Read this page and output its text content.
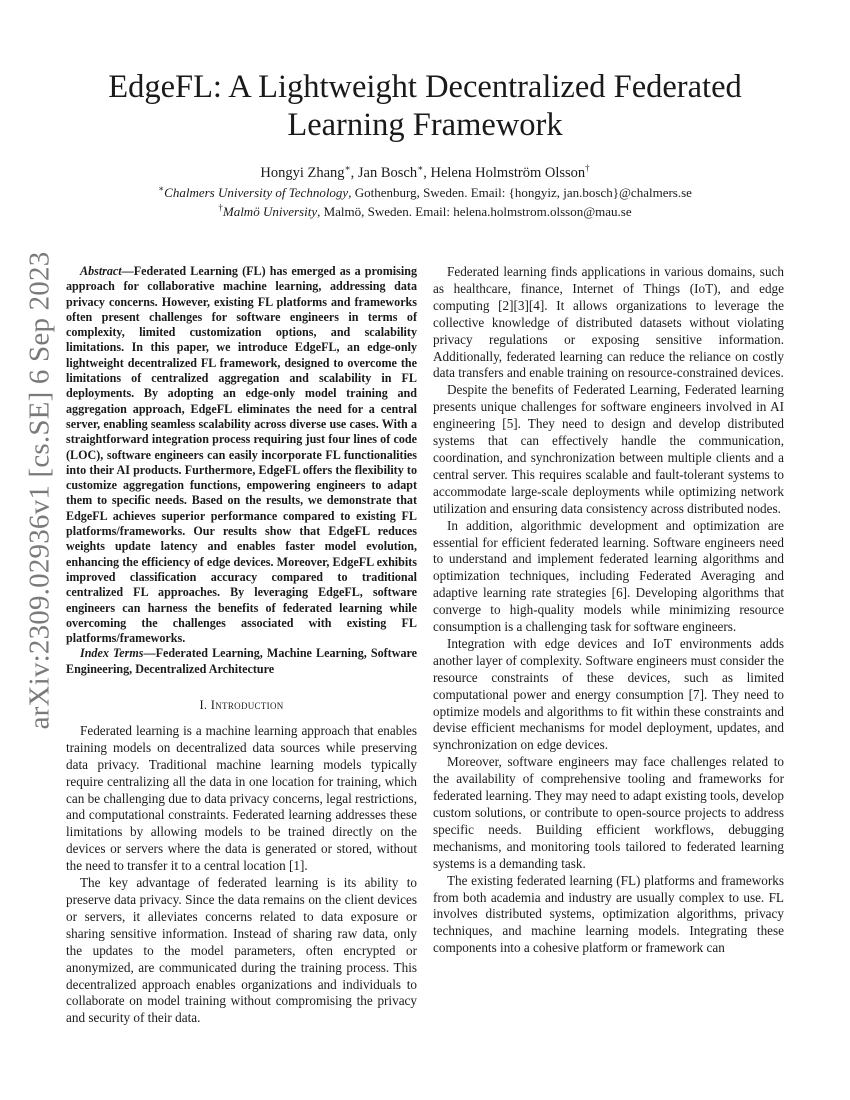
arXiv:2309.02936v1 [cs.SE] 6 Sep 2023
EdgeFL: A Lightweight Decentralized Federated
Learning Framework
Hongyi Zhang∗, Jan Bosch∗, Helena Holmström Olsson†
∗Chalmers University of Technology, Gothenburg, Sweden. Email: {hongyiz, jan.bosch}@chalmers.se
†Malmö University, Malmö, Sweden. Email: helena.holmstrom.olsson@mau.se

Abstract—Federated Learning (FL) has emerged as a promising approach for collaborative machine learning, addressing data privacy concerns. However, existing FL platforms and frameworks often present challenges for software engineers in terms of complexity, limited customization options, and scalability limitations. In this paper, we introduce EdgeFL, an edge-only lightweight decentralized FL framework, designed to overcome the limitations of centralized aggregation and scalability in FL deployments. By adopting an edge-only model training and aggregation approach, EdgeFL eliminates the need for a central server, enabling seamless scalability across diverse use cases. With a straightforward integration process requiring just four lines of code (LOC), software engineers can easily incorporate FL functionalities into their AI products. Furthermore, EdgeFL offers the flexibility to customize aggregation functions, empowering engineers to adapt them to specific needs. Based on the results, we demonstrate that EdgeFL achieves superior performance compared to existing FL platforms/frameworks. Our results show that EdgeFL reduces weights update latency and enables faster model evolution, enhancing the efficiency of edge devices. Moreover, EdgeFL exhibits improved classification accuracy compared to traditional centralized FL approaches. By leveraging EdgeFL, software engineers can harness the benefits of federated learning while overcoming the challenges associated with existing FL platforms/frameworks.

Index Terms—Federated Learning, Machine Learning, Software Engineering, Decentralized Architecture

I. Introduction

Federated learning is a machine learning approach that enables training models on decentralized data sources while preserving data privacy. Traditional machine learning models typically require centralizing all the data in one location for training, which can be challenging due to data privacy concerns, legal restrictions, and computational constraints. Federated learning addresses these limitations by allowing models to be trained directly on the devices or servers where the data is generated or stored, without the need to transfer it to a central location [1].

The key advantage of federated learning is its ability to preserve data privacy. Since the data remains on the client devices or servers, it alleviates concerns related to data exposure or sharing sensitive information. Instead of sharing raw data, only the updates to the model parameters, often encrypted or anonymized, are communicated during the training process. This decentralized approach enables organizations and individuals to collaborate on model training without compromising the privacy and security of their data.

Federated learning finds applications in various domains, such as healthcare, finance, Internet of Things (IoT), and edge computing [2][3][4]. It allows organizations to leverage the collective knowledge of distributed datasets without violating privacy regulations or exposing sensitive information. Additionally, federated learning can reduce the reliance on costly data transfers and enable training on resource-constrained devices.

Despite the benefits of Federated Learning, Federated learning presents unique challenges for software engineers involved in AI engineering [5]. They need to design and develop distributed systems that can effectively handle the communication, coordination, and synchronization between multiple clients and a central server. This requires scalable and fault-tolerant systems to accommodate large-scale deployments while optimizing network utilization and ensuring data consistency across distributed nodes.

In addition, algorithmic development and optimization are essential for efficient federated learning. Software engineers need to understand and implement federated learning algorithms and optimization techniques, including Federated Averaging and adaptive learning rate strategies [6]. Developing algorithms that converge to high-quality models while minimizing resource consumption is a challenging task for software engineers.

Integration with edge devices and IoT environments adds another layer of complexity. Software engineers must consider the resource constraints of these devices, such as limited computational power and energy consumption [7]. They need to optimize models and algorithms to fit within these constraints and devise efficient mechanisms for model deployment, updates, and synchronization on edge devices.

Moreover, software engineers may face challenges related to the availability of comprehensive tooling and frameworks for federated learning. They may need to adapt existing tools, develop custom solutions, or contribute to open-source projects to address specific needs. Building efficient workflows, debugging mechanisms, and monitoring tools tailored to federated learning systems is a demanding task.

The existing federated learning (FL) platforms and frameworks from both academia and industry are usually complex to use. FL involves distributed systems, optimization algorithms, privacy techniques, and machine learning models. Integrating these components into a cohesive platform or framework can
